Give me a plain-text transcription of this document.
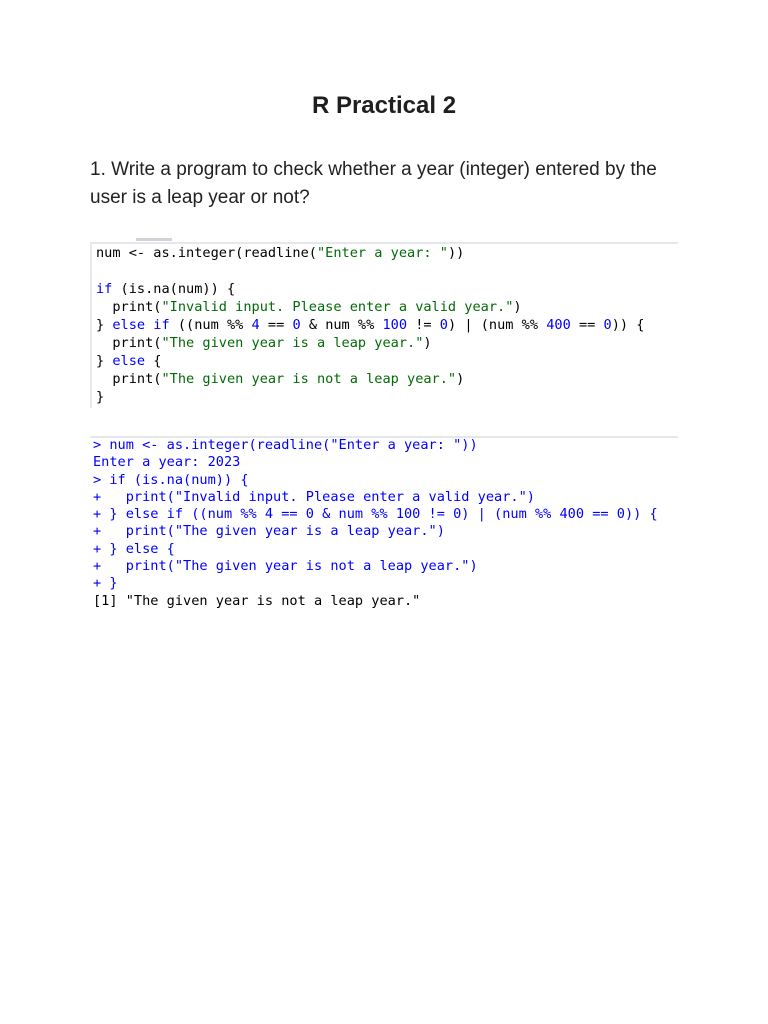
R Practical 2

1. Write a program to check whether a year (integer) entered by the user is a leap year or not?

num <- as.integer(readline("Enter a year: "))
if (is.na(num)) {
print("Invalid input. Please enter a valid year.")
} else if ((num %% 4 == 0 & num %% 100 != 0) | (num %% 400 == 0)) {
print("The given year is a leap year.")
} else {
print("The given year is not a leap year.")
}
> num <- as.integer(readline("Enter a year: "))
Enter a year: 2023
> if (is.na(num)) {
+   print("Invalid input. Please enter a valid year.")
+ } else if ((num %% 4 == 0 & num %% 100 != 0) | (num %% 400 == 0)) {
+   print("The given year is a leap year.")
+ } else {
+   print("The given year is not a leap year.")
+ }
[1] "The given year is not a leap year."
